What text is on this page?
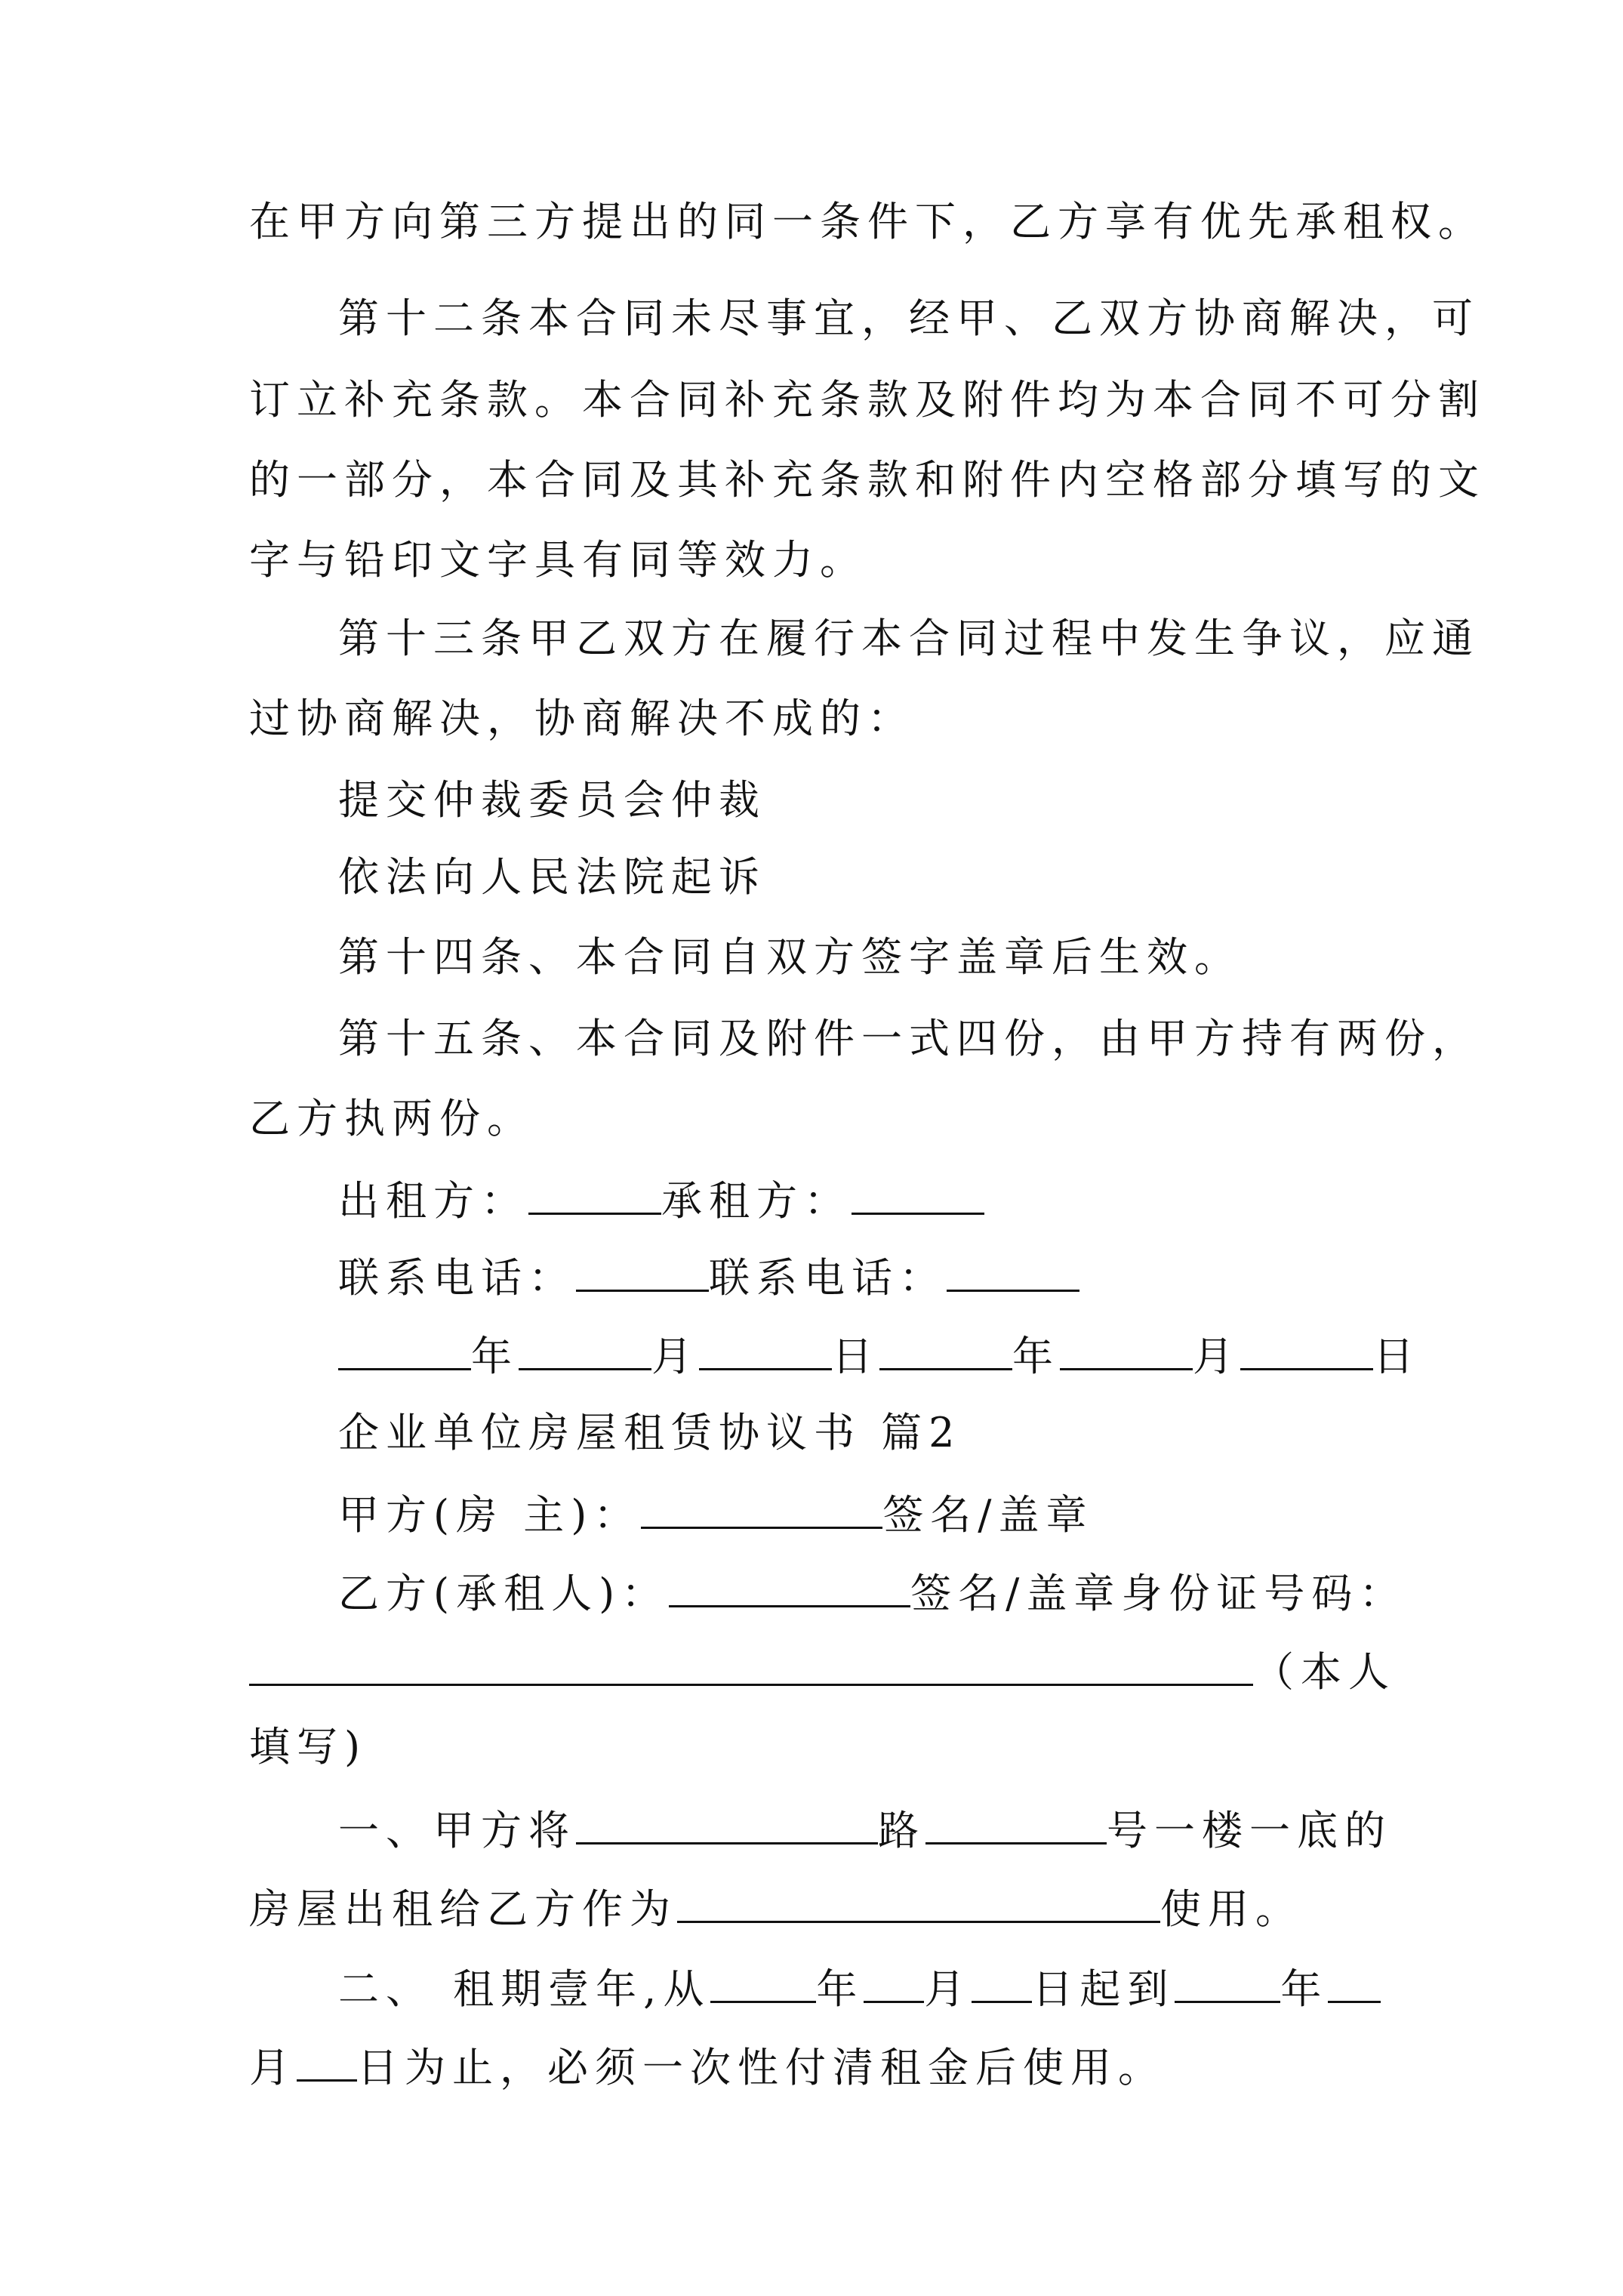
在甲方向第三方提出的同一条件下，乙方享有优先承租权。
第十二条本合同未尽事宜，经甲、乙双方协商解决，可
订立补充条款。本合同补充条款及附件均为本合同不可分割
的一部分，本合同及其补充条款和附件内空格部分填写的文
字与铅印文字具有同等效力。
第十三条甲乙双方在履行本合同过程中发生争议，应通
过协商解决，协商解决不成的：
提交仲裁委员会仲裁
依法向人民法院起诉
第十四条、本合同自双方签字盖章后生效。
第十五条、本合同及附件一式四份，由甲方持有两份，
乙方执两份。
出租方：	承租方：
联系电话：	联系电话：
年	月	日	年	月	日
企业单位房屋租赁协议书 篇2
甲方(房 主)：	签名/盖章
乙方(承租人)：	签名/盖章身份证号码：
（本人
填写)
一、甲方将	路	号一楼一底的
房屋出租给乙方作为	使用。
二、 租期壹年,从	年 月 日起到	年
月 日为止，必须一次性付清租金后使用。
